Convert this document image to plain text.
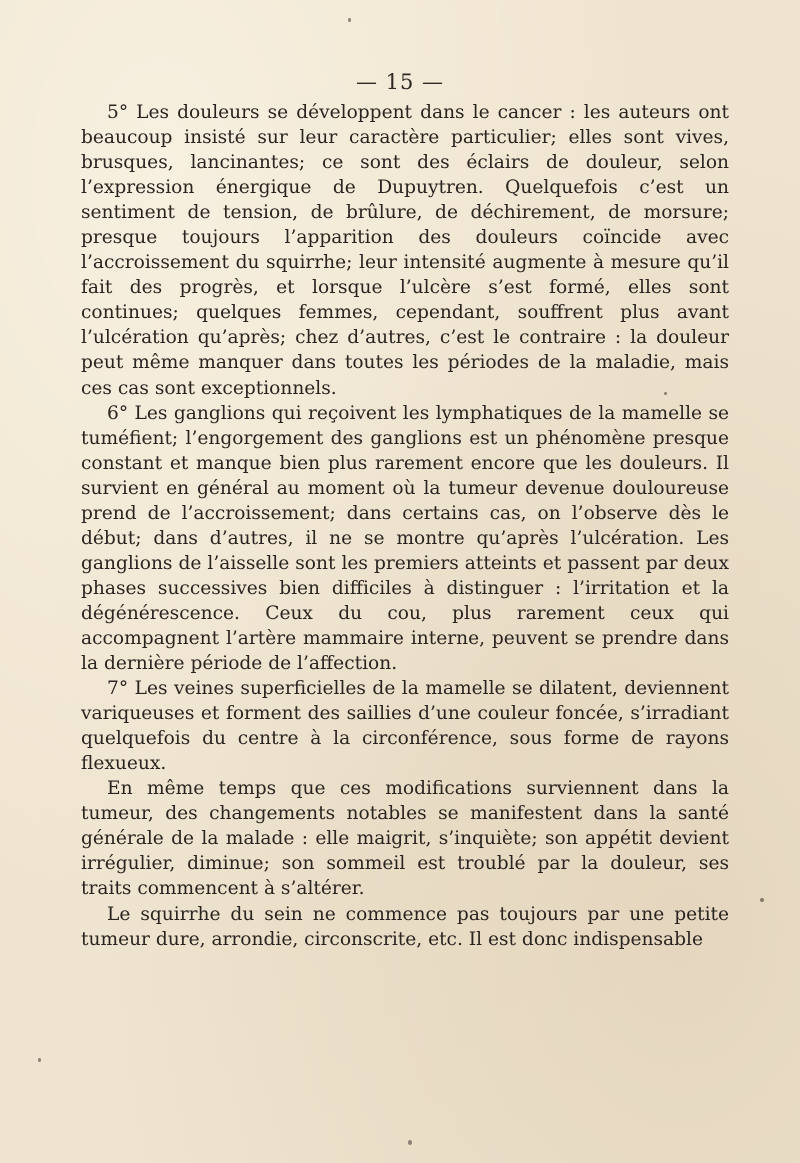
— 15 —

5° Les douleurs se développent dans le cancer : les auteurs ont beaucoup insisté sur leur caractère particulier; elles sont vives, brusques, lancinantes; ce sont des éclairs de douleur, selon l’expression énergique de Dupuytren. Quelquefois c’est un sentiment de tension, de brûlure, de déchirement, de morsure; presque toujours l’apparition des douleurs coïncide avec l’accroissement du squirrhe; leur intensité augmente à mesure qu’il fait des progrès, et lorsque l’ulcère s’est formé, elles sont continues; quelques femmes, cependant, souffrent plus avant l’ulcération qu’après; chez d’autres, c’est le contraire : la douleur peut même manquer dans toutes les périodes de la maladie, mais ces cas sont exceptionnels.

6° Les ganglions qui reçoivent les lymphatiques de la mamelle se tuméfient; l’engorgement des ganglions est un phénomène presque constant et manque bien plus rarement encore que les douleurs. Il survient en général au moment où la tumeur devenue douloureuse prend de l’accroissement; dans certains cas, on l’observe dès le début; dans d’autres, il ne se montre qu’après l’ulcération. Les ganglions de l’aisselle sont les premiers atteints et passent par deux phases successives bien difficiles à distinguer : l’irritation et la dégénérescence. Ceux du cou, plus rarement ceux qui accompagnent l’artère mammaire interne, peuvent se prendre dans la dernière période de l’affection.

7° Les veines superficielles de la mamelle se dilatent, deviennent variqueuses et forment des saillies d’une couleur foncée, s’irradiant quelquefois du centre à la circonférence, sous forme de rayons flexueux.

En même temps que ces modifications surviennent dans la tumeur, des changements notables se manifestent dans la santé générale de la malade : elle maigrit, s’inquiète; son appétit devient irrégulier, diminue; son sommeil est troublé par la douleur, ses traits commencent à s’altérer.

Le squirrhe du sein ne commence pas toujours par une petite tumeur dure, arrondie, circonscrite, etc. Il est donc indispensable
